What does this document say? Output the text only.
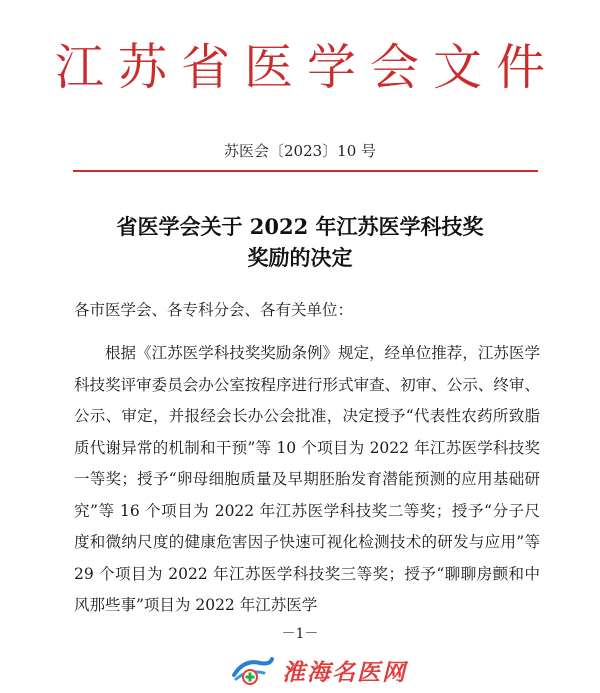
江苏省医学会文件
苏医会〔2023〕10 号
省医学会关于 2022 年江苏医学科技奖
奖励的决定
各市医学会、各专科分会、各有关单位：
根据《江苏医学科技奖奖励条例》规定，经单位推荐，江苏医学科技奖评审委员会办公室按程序进行形式审查、初审、公示、终审、公示、审定，并报经会长办公会批准，决定授予“代表性农药所致脂质代谢异常的机制和干预”等 10 个项目为 2022 年江苏医学科技奖一等奖；授予“卵母细胞质量及早期胚胎发育潜能预测的应用基础研究”等 16 个项目为 2022 年江苏医学科技奖二等奖；授予“分子尺度和微纳尺度的健康危害因子快速可视化检测技术的研发与应用”等 29 个项目为 2022 年江苏医学科技奖三等奖；授予“聊聊房颤和中风那些事”项目为 2022 年江苏医学
－1－
淮海名医网
